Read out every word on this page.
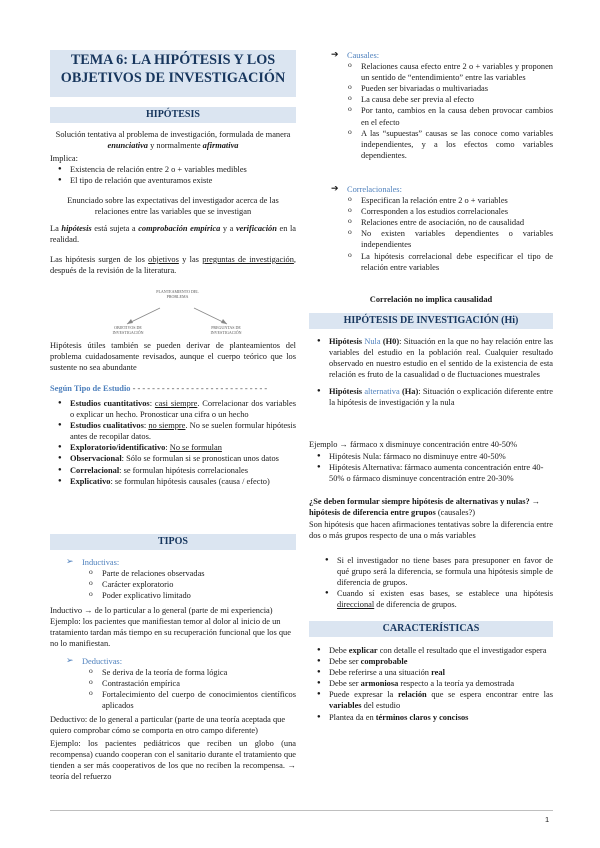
TEMA 6: LA HIPÓTESIS Y LOS
OBJETIVOS DE INVESTIGACIÓN
HIPÓTESIS
Solución tentativa al problema de investigación, formulada de manera enunciativa y normalmente afirmativa

Implica:

● Existencia de relación entre 2 o + variables medibles
● El tipo de relación que aventuramos existe
Enunciado sobre las expectativas del investigador acerca de las relaciones entre las variables que se investigan
La hipótesis está sujeta a comprobación empírica y a verificación en la realidad.
Las hipótesis surgen de los objetivos y las preguntas de investigación, después de la revisión de la literatura.
PLANTEAMIENTO DEL PROBLEMA
OBJETIVOS DE INVESTIGACIÓN
PREGUNTAS DE INVESTIGACIÓN
Hipótesis útiles también se pueden derivar de planteamientos del problema cuidadosamente revisados, aunque el cuerpo teórico que los sustente no sea abundante
Según Tipo de Estudio - - - - - - - - - - - - - - - - - - - - - - - - - - - -
● Estudios cuantitativos: casi siempre. Correlacionar dos variables o explicar un hecho. Pronosticar una cifra o un hecho
● Estudios cualitativos: no siempre. No se suelen formular hipótesis antes de recopilar datos.
● Exploratorio/identificativo: No se formulan
● Observacional: Sólo se formulan si se pronostican unos datos
● Correlacional: se formulan hipótesis correlacionales
● Explicativo: se formulan hipótesis causales (causa / efecto)
TIPOS
➢ Inductivas:
o Parte de relaciones observadas
o Carácter exploratorio
o Poder explicativo limitado
Inductivo → de lo particular a lo general (parte de mi experiencia)
Ejemplo: los pacientes que manifiestan temor al dolor al inicio de un tratamiento tardan más tiempo en su recuperación funcional que los que no lo manifiestan.
➢ Deductivas:
o Se deriva de la teoría de forma lógica
o Contrastación empírica
o Fortalecimiento del cuerpo de conocimientos científicos aplicados
Deductivo: de lo general a particular (parte de una teoría aceptada que quiero comprobar cómo se comporta en otro campo diferente)
Ejemplo: los pacientes pediátricos que reciben un globo (una recompensa) cuando cooperan con el sanitario durante el tratamiento que tienden a ser más cooperativos de los que no reciben la recompensa. → teoría del refuerzo
➔ Causales:
o Relaciones causa efecto entre 2 o + variables y proponen un sentido de “entendimiento” entre las variables
o Pueden ser bivariadas o multivariadas
o La causa debe ser previa al efecto
o Por tanto, cambios en la causa deben provocar cambios en el efecto
o A las “supuestas” causas se las conoce como variables independientes, y a los efectos como variables dependientes.
➔ Correlacionales:
o Especifican la relación entre 2 o + variables
o Corresponden a los estudios correlacionales
o Relaciones entre de asociación, no de causalidad
o No existen variables dependientes o variables independientes
o La hipótesis correlacional debe especificar el tipo de relación entre variables
Correlación no implica causalidad
HIPÓTESIS DE INVESTIGACIÓN (Hi)
● Hipótesis Nula (H0): Situación en la que no hay relación entre las variables del estudio en la población real. Cualquier resultado observado en nuestro estudio en el sentido de la existencia de esta relación es fruto de la casualidad o de fluctuaciones muestrales
● Hipótesis alternativa (Ha): Situación o explicación diferente entre la hipótesis de investigación y la nula
Ejemplo → fármaco x disminuye concentración entre 40-50%
● Hipótesis Nula: fármaco no disminuye entre 40-50%
● Hipótesis Alternativa: fármaco aumenta concentración entre 40-50% o fármaco disminuye concentración entre 20-30%
¿Se deben formular siempre hipótesis de alternativas y nulas? → hipótesis de diferencia entre grupos (causales?)
Son hipótesis que hacen afirmaciones tentativas sobre la diferencia entre dos o más grupos respecto de una o más variables
● Si el investigador no tiene bases para presuponer en favor de qué grupo será la diferencia, se formula una hipótesis simple de diferencia de grupos.
● Cuando sí existen esas bases, se establece una hipótesis direccional de diferencia de grupos.
CARACTERÍSTICAS
● Debe explicar con detalle el resultado que el investigador espera
● Debe ser comprobable
● Debe referirse a una situación real
● Debe ser armoniosa respecto a la teoría ya demostrada
● Puede expresar la relación que se espera encontrar entre las variables del estudio
● Plantea da en términos claros y concisos
1
